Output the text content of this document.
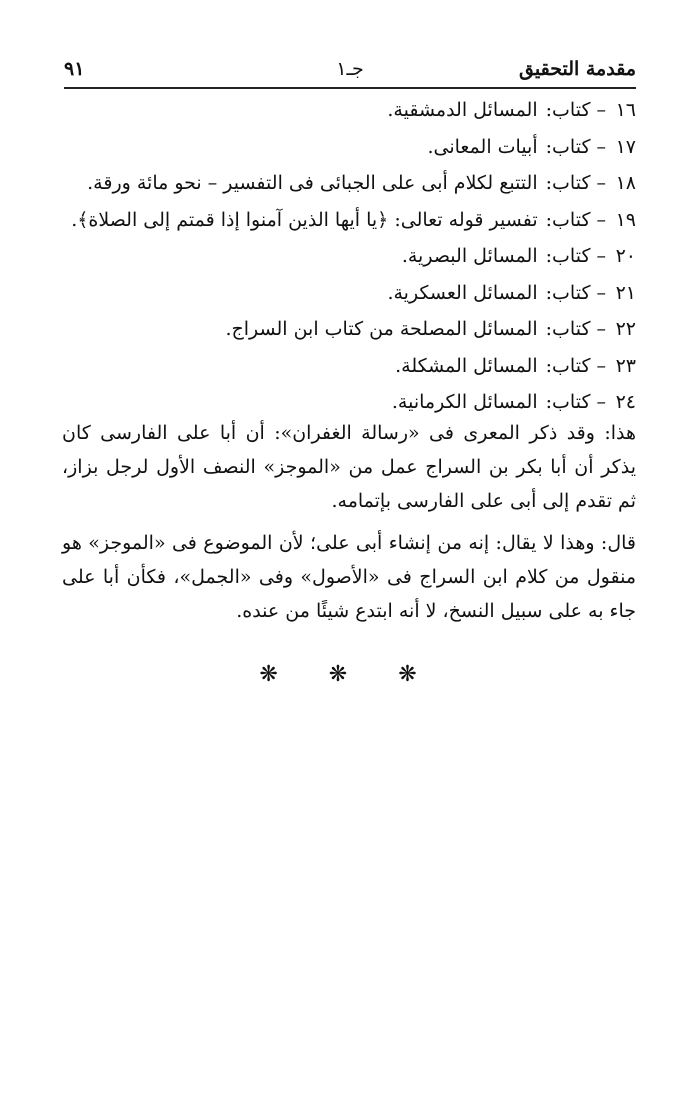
مقدمة التحقيق
جـ١
٩١
١٦–كتاب:المسائل الدمشقية.
١٧–كتاب:أبيات المعانى.
١٨–كتاب:التتبع لكلام أبى على الجبائى فى التفسير – نحو مائة ورقة.
١٩–كتاب:تفسير قوله تعالى: ﴿يا أيها الذين آمنوا إذا قمتم إلى الصلاة﴾.
٢٠–كتاب:المسائل البصرية.
٢١–كتاب:المسائل العسكرية.
٢٢–كتاب:المسائل المصلحة من كتاب ابن السراج.
٢٣–كتاب:المسائل المشكلة.
٢٤–كتاب:المسائل الكرمانية.

هذا: وقد ذكر المعرى فى «رسالة الغفران»: أن أبا على الفارسى كان يذكر أن أبا بكر بن السراج عمل من «الموجز» النصف الأول لرجل بزاز، ثم تقدم إلى أبى على الفارسى بإتمامه.

قال: وهذا لا يقال: إنه من إنشاء أبى على؛ لأن الموضوع فى «الموجز» هو منقول من كلام ابن السراج فى «الأصول» وفى «الجمل»، فكأن أبا على جاء به على سبيل النسخ، لا أنه ابتدع شيئًا من عنده.

❋ ❋ ❋
